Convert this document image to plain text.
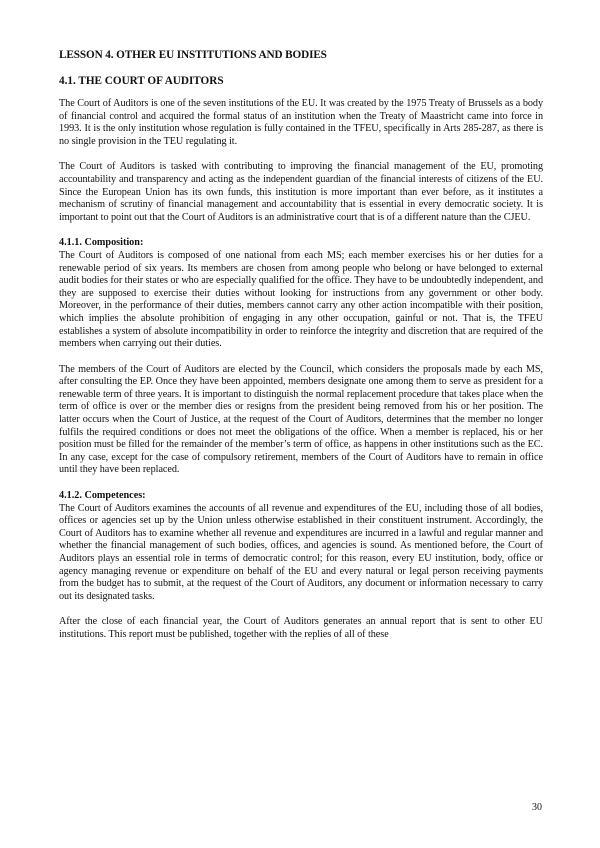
LESSON 4. OTHER EU INSTITUTIONS AND BODIES
4.1. THE COURT OF AUDITORS

The Court of Auditors is one of the seven institutions of the EU. It was created by the 1975 Treaty of Brussels as a body of financial control and acquired the formal status of an institution when the Treaty of Maastricht came into force in 1993. It is the only institution whose regulation is fully contained in the TFEU, specifically in Arts 285-287, as there is no single provision in the TEU regulating it.

The Court of Auditors is tasked with contributing to improving the financial management of the EU, promoting accountability and transparency and acting as the independent guardian of the financial interests of citizens of the EU. Since the European Union has its own funds, this institution is more important than ever before, as it institutes a mechanism of scrutiny of financial management and accountability that is essential in every democratic society. It is important to point out that the Court of Auditors is an administrative court that is of a different nature than the CJEU.

4.1.1. Composition:

The Court of Auditors is composed of one national from each MS; each member exercises his or her duties for a renewable period of six years. Its members are chosen from among people who belong or have belonged to external audit bodies for their states or who are especially qualified for the office. They have to be undoubtedly independent, and they are supposed to exercise their duties without looking for instructions from any government or other body. Moreover, in the performance of their duties, members cannot carry any other action incompatible with their position, which implies the absolute prohibition of engaging in any other occupation, gainful or not. That is, the TFEU establishes a system of absolute incompatibility in order to reinforce the integrity and discretion that are required of the members when carrying out their duties.

The members of the Court of Auditors are elected by the Council, which considers the proposals made by each MS, after consulting the EP. Once they have been appointed, members designate one among them to serve as president for a renewable term of three years. It is important to distinguish the normal replacement procedure that takes place when the term of office is over or the member dies or resigns from the president being removed from his or her position. The latter occurs when the Court of Justice, at the request of the Court of Auditors, determines that the member no longer fulfils the required conditions or does not meet the obligations of the office. When a member is replaced, his or her position must be filled for the remainder of the member’s term of office, as happens in other institutions such as the EC. In any case, except for the case of compulsory retirement, members of the Court of Auditors have to remain in office until they have been replaced.

4.1.2. Competences:

The Court of Auditors examines the accounts of all revenue and expenditures of the EU, including those of all bodies, offices or agencies set up by the Union unless otherwise established in their constituent instrument. Accordingly, the Court of Auditors has to examine whether all revenue and expenditures are incurred in a lawful and regular manner and whether the financial management of such bodies, offices, and agencies is sound. As mentioned before, the Court of Auditors plays an essential role in terms of democratic control; for this reason, every EU institution, body, office or agency managing revenue or expenditure on behalf of the EU and every natural or legal person receiving payments from the budget has to submit, at the request of the Court of Auditors, any document or information necessary to carry out its designated tasks.

After the close of each financial year, the Court of Auditors generates an annual report that is sent to other EU institutions. This report must be published, together with the replies of all of these

30
